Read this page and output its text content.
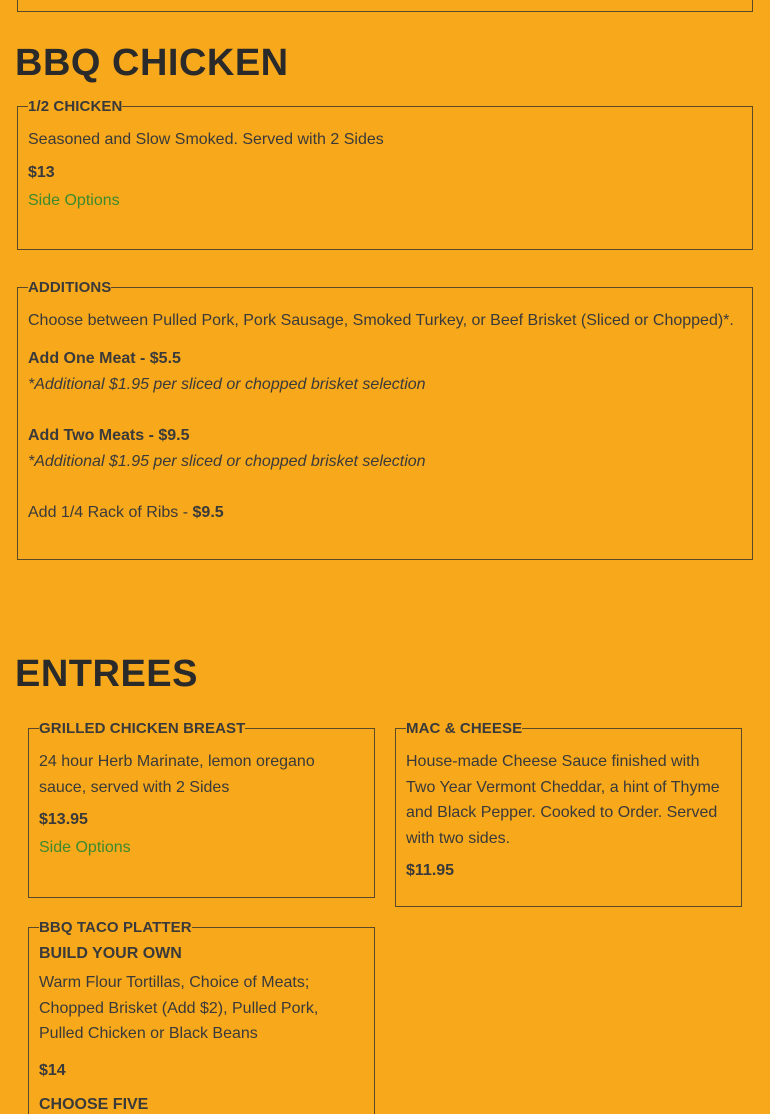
BBQ CHICKEN
1/2 CHICKEN

Seasoned and Slow Smoked. Served with 2 Sides

$13

Side Options
ADDITIONS

Choose between Pulled Pork, Pork Sausage, Smoked Turkey, or Beef Brisket (Sliced or Chopped)*.

Add One Meat - $5.5

*Additional $1.95 per sliced or chopped brisket selection

Add Two Meats - $9.5

*Additional $1.95 per sliced or chopped brisket selection

Add 1/4 Rack of Ribs - $9.5

ENTREES
GRILLED CHICKEN BREAST

24 hour Herb Marinate, lemon oregano sauce, served with 2 Sides

$13.95

Side Options
MAC & CHEESE

House-made Cheese Sauce finished with Two Year Vermont Cheddar, a hint of Thyme and Black Pepper. Cooked to Order. Served with two sides.

$11.95

BBQ TACO PLATTER

BUILD YOUR OWN

Warm Flour Tortillas, Choice of Meats; Chopped Brisket (Add $2), Pulled Pork, Pulled Chicken or Black Beans

$14

CHOOSE FIVE
